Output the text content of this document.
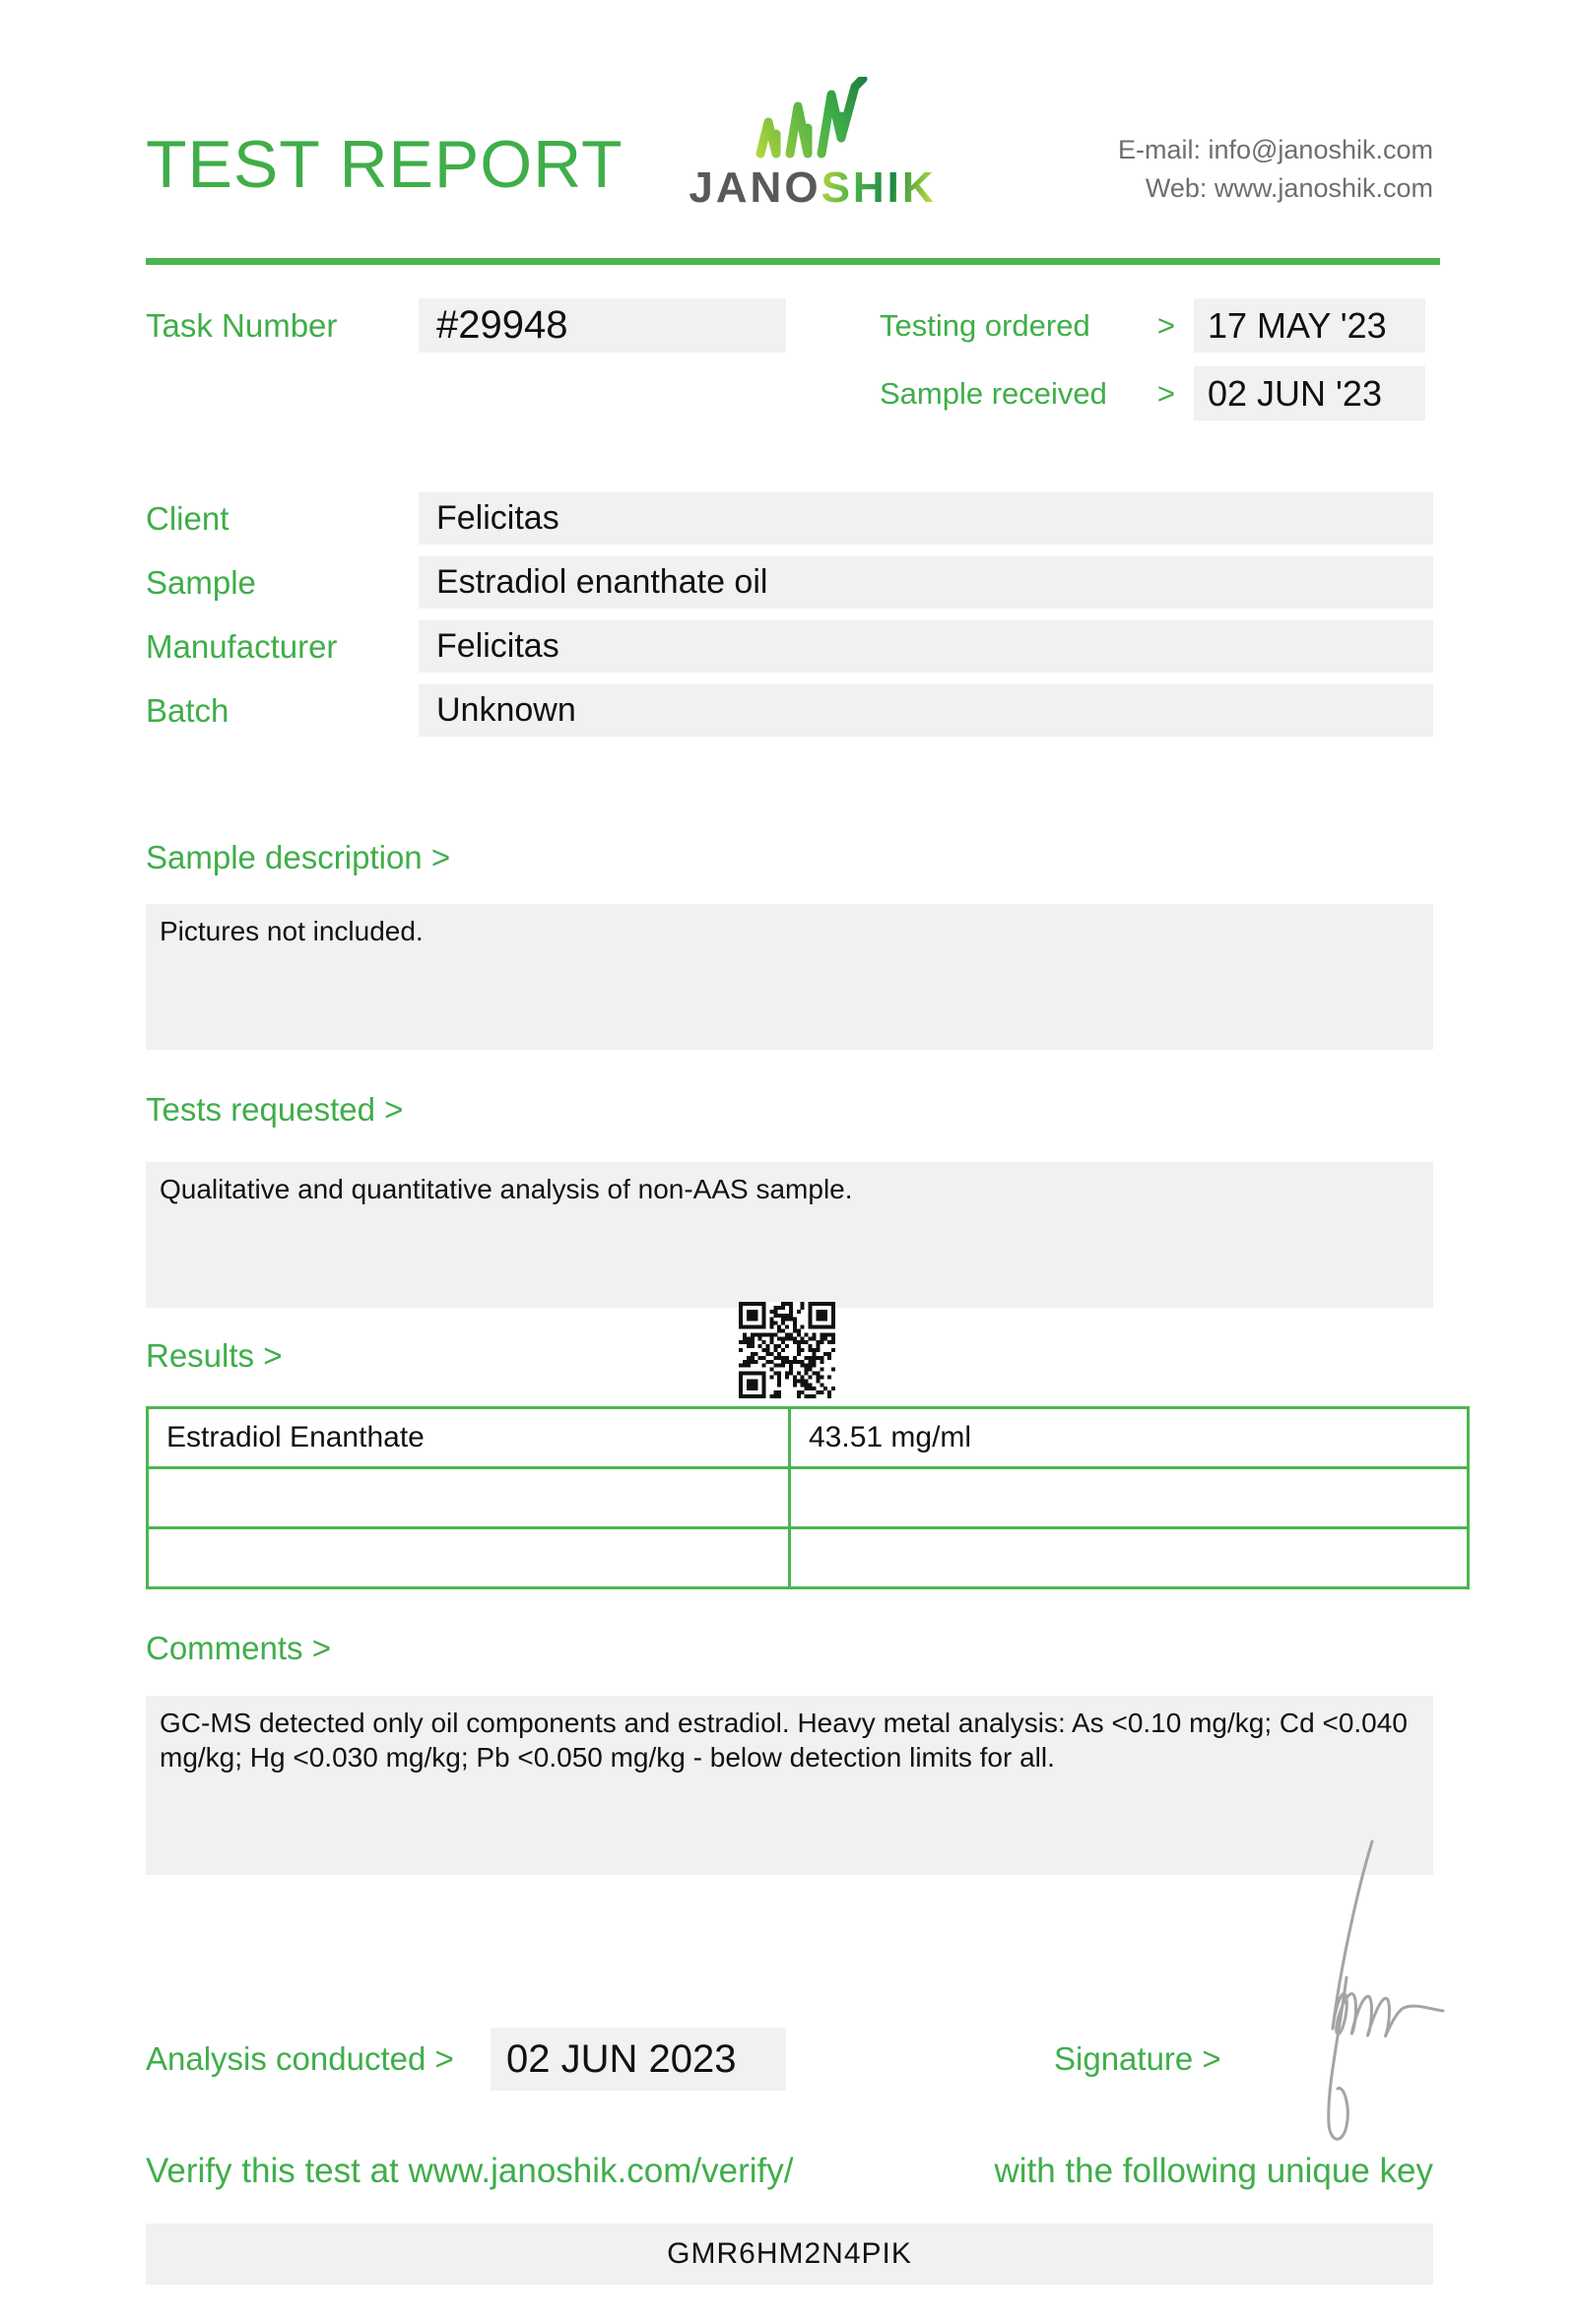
TEST REPORT	JANOSHIK
E-mail: info@janoshik.com
Web: www.janoshik.com
Task Number	#29948	Testing ordered > 17 MAY '23
Sample received > 02 JUN '23
Client	Felicitas
Sample	Estradiol enanthate oil
Manufacturer	Felicitas
Batch	Unknown
Sample description >
Pictures not included.
Tests requested >
Qualitative and quantitative analysis of non-AAS sample.
Results >
Estradiol Enanthate	43.51 mg/ml

Comments >
GC-MS detected only oil components and estradiol. Heavy metal analysis: As <0.10 mg/kg; Cd <0.040 mg/kg; Hg <0.030 mg/kg; Pb <0.050 mg/kg - below detection limits for all.
Analysis conducted >	02 JUN 2023	Signature >
Verify this test at www.janoshik.com/verify/	with the following unique key
GMR6HM2N4PIK
